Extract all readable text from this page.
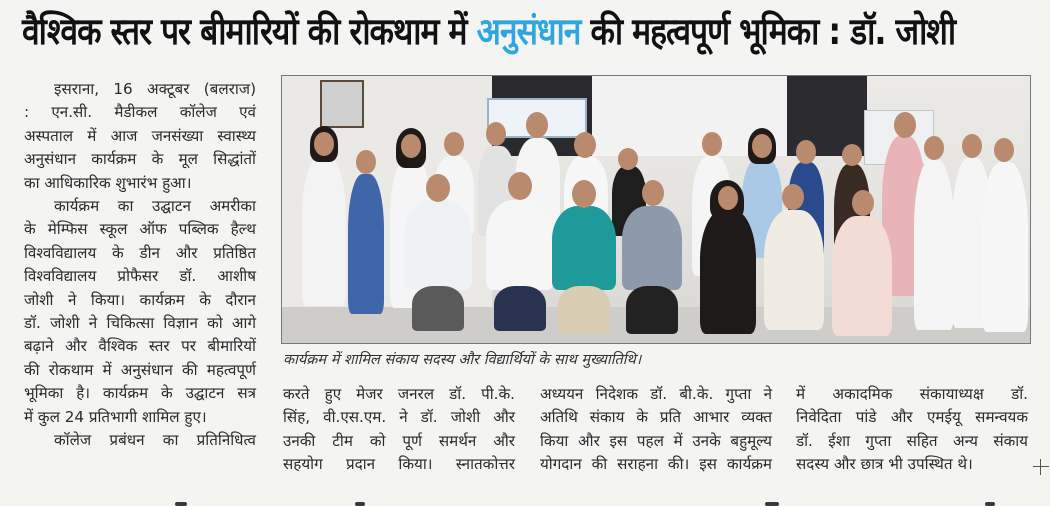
वैश्विक स्तर पर बीमारियों की रोकथाम में अनुसंधान की महत्वपूर्ण भूमिका : डॉ. जोशी

इसराना, 16 अक्टूबर (बलराज)

: एन.सी. मैडीकल कॉलेज एवं

अस्पताल में आज जनसंख्या स्वास्थ्य

अनुसंधान कार्यक्रम के मूल सिद्धांतों

का आधिकारिक शुभारंभ हुआ।

कार्यक्रम का उद्घाटन अमरीका

के मेम्फिस स्कूल ऑफ पब्लिक हैल्थ

विश्वविद्यालय के डीन और प्रतिष्ठित

विश्वविद्यालय प्रोफैसर डॉ. आशीष

जोशी ने किया। कार्यक्रम के दौरान

डॉ. जोशी ने चिकित्सा विज्ञान को आगे

बढ़ाने और वैश्विक स्तर पर बीमारियों

की रोकथाम में अनुसंधान की महत्वपूर्ण

भूमिका है। कार्यक्रम के उद्घाटन सत्र

में कुल 24 प्रतिभागी शामिल हुए।

कॉलेज प्रबंधन का प्रतिनिधित्व

कार्यक्रम में शामिल संकाय सदस्य और विद्यार्थियों के साथ मुख्यातिथि।

करते हुए मेजर जनरल डॉ. पी.के.

सिंह, वी.एस.एम. ने डॉ. जोशी और

उनकी टीम को पूर्ण समर्थन और

सहयोग प्रदान किया। स्नातकोत्तर

अध्ययन निदेशक डॉ. बी.के. गुप्ता ने

अतिथि संकाय के प्रति आभार व्यक्त

किया और इस पहल में उनके बहुमूल्य

योगदान की सराहना की। इस कार्यक्रम

में अकादमिक संकायाध्यक्ष डॉ.

निवेदिता पांडे और एमईयू समन्वयक

डॉ. ईशा गुप्ता सहित अन्य संकाय

सदस्य और छात्र भी उपस्थित थे।
